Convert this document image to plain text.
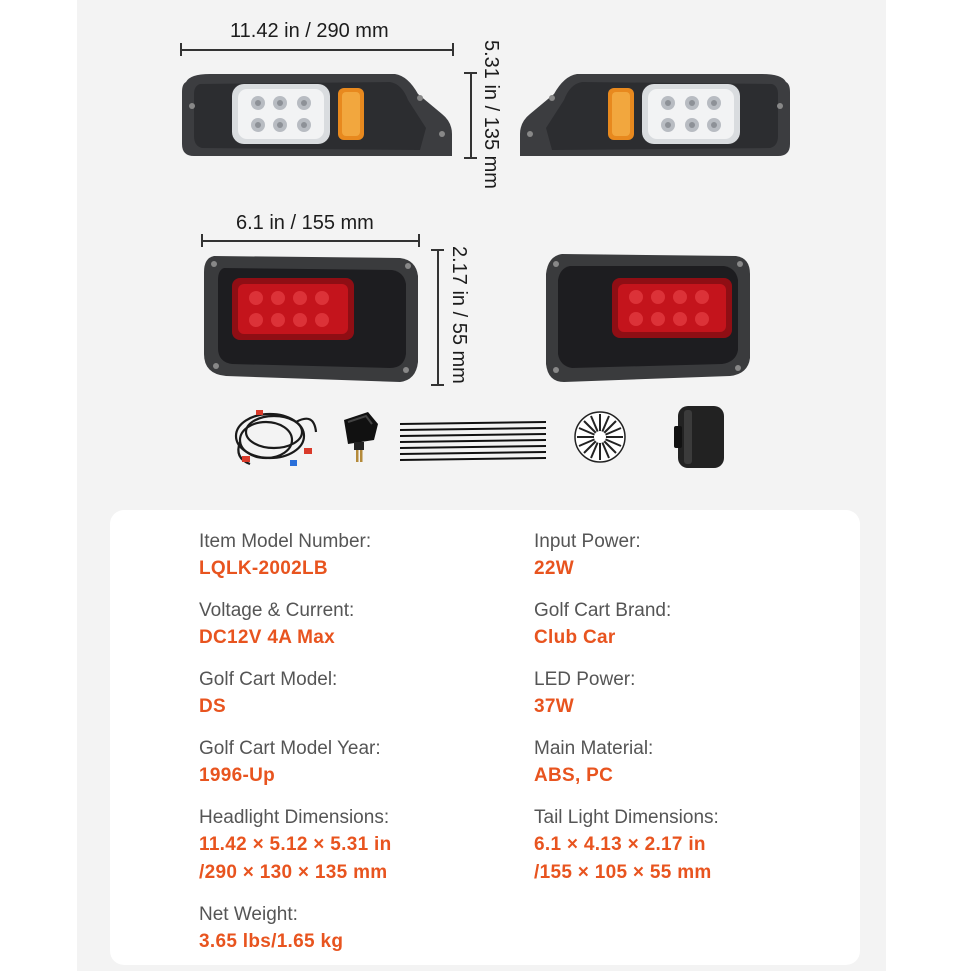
11.42 in / 290 mm
5.31 in / 135 mm
6.1 in / 155 mm
2.17 in / 55 mm
Item Model Number:
LQLK-2002LB
Voltage & Current:
DC12V 4A Max
Golf Cart Model:
DS
Golf Cart Model Year:
1996-Up
Headlight Dimensions:
11.42 × 5.12 × 5.31 in
/290 × 130 × 135 mm
Net Weight:
3.65 lbs/1.65 kg
Input Power:
22W
Golf Cart Brand:
Club Car
LED Power:
37W
Main Material:
ABS, PC
Tail Light Dimensions:
6.1 × 4.13 × 2.17 in
/155 × 105 × 55 mm
